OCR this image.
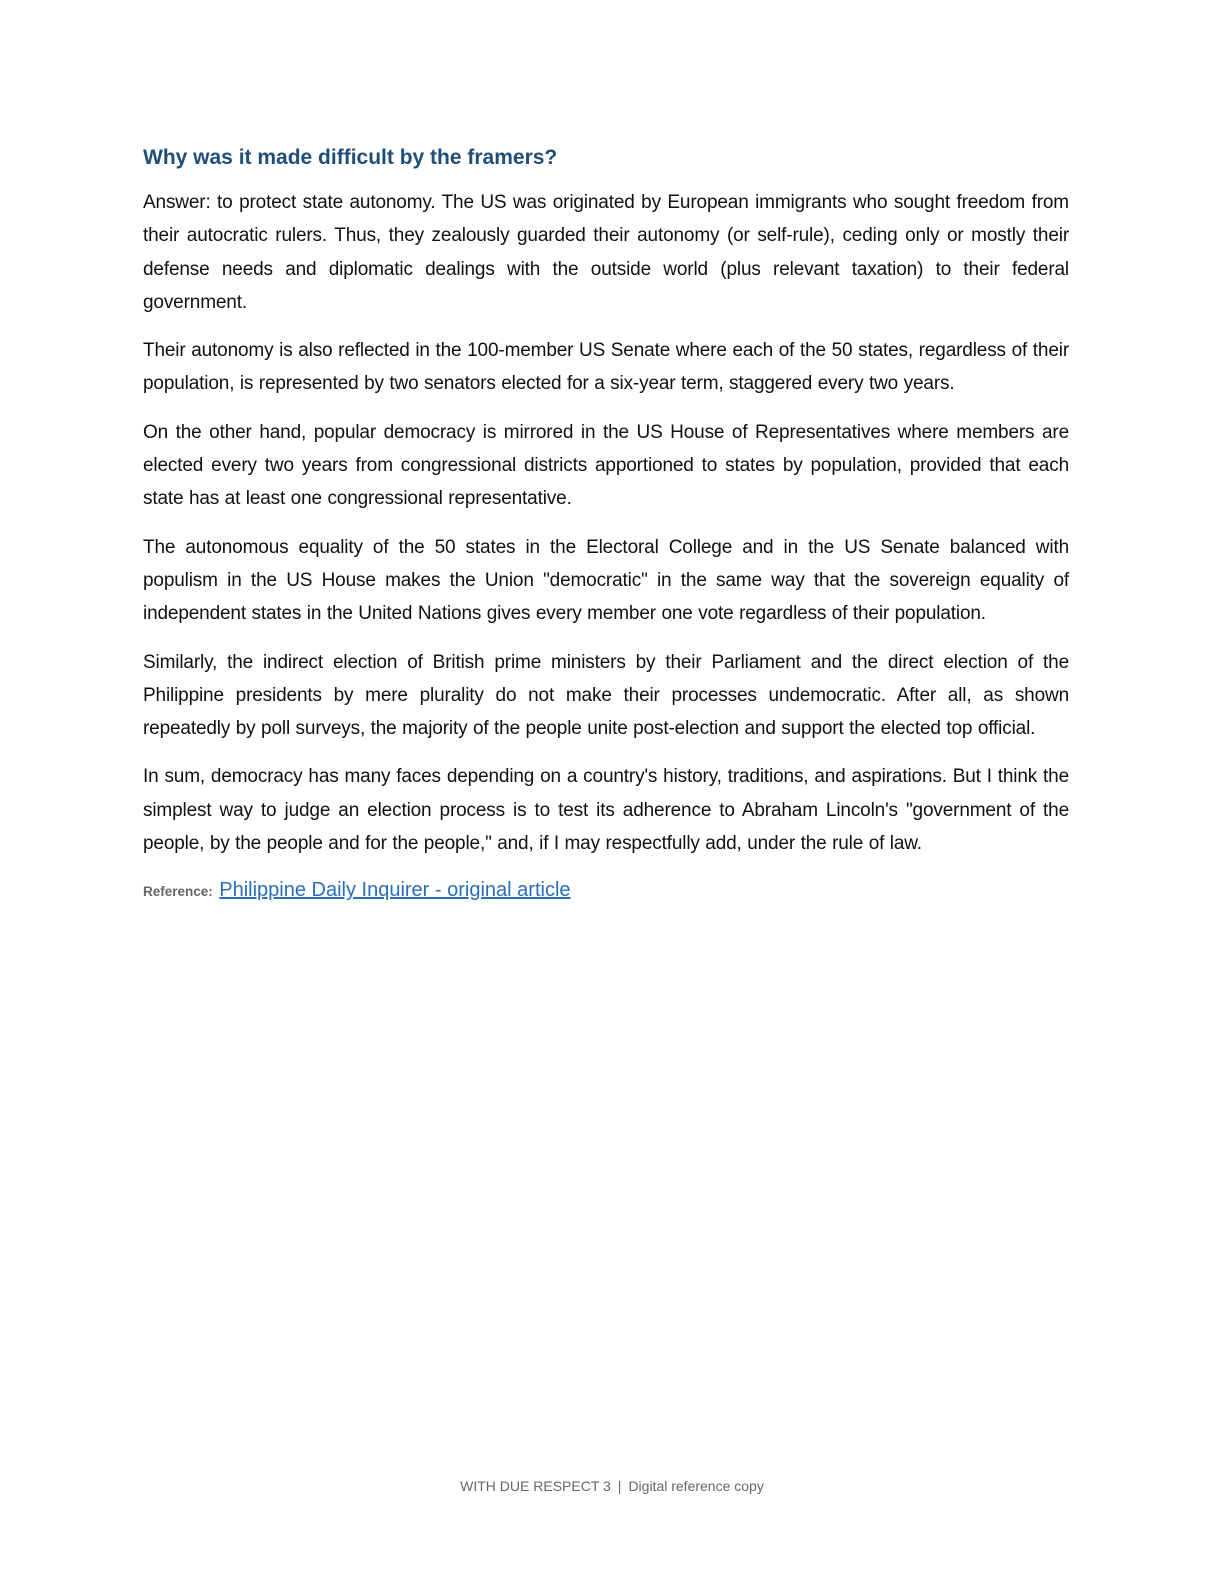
Why was it made difficult by the framers?

Answer: to protect state autonomy. The US was originated by European immigrants who sought freedom from their autocratic rulers. Thus, they zealously guarded their autonomy (or self-rule), ceding only or mostly their defense needs and diplomatic dealings with the outside world (plus relevant taxation) to their federal government.

Their autonomy is also reflected in the 100-member US Senate where each of the 50 states, regardless of their population, is represented by two senators elected for a six-year term, staggered every two years.

On the other hand, popular democracy is mirrored in the US House of Representatives where members are elected every two years from congressional districts apportioned to states by population, provided that each state has at least one congressional representative.

The autonomous equality of the 50 states in the Electoral College and in the US Senate balanced with populism in the US House makes the Union "democratic" in the same way that the sovereign equality of independent states in the United Nations gives every member one vote regardless of their population.

Similarly, the indirect election of British prime ministers by their Parliament and the direct election of the Philippine presidents by mere plurality do not make their processes undemocratic. After all, as shown repeatedly by poll surveys, the majority of the people unite post-election and support the elected top official.

In sum, democracy has many faces depending on a country's history, traditions, and aspirations. But I think the simplest way to judge an election process is to test its adherence to Abraham Lincoln's "government of the people, by the people and for the people," and, if I may respectfully add, under the rule of law.

Reference: Philippine Daily Inquirer - original article
WITH DUE RESPECT 3 | Digital reference copy
